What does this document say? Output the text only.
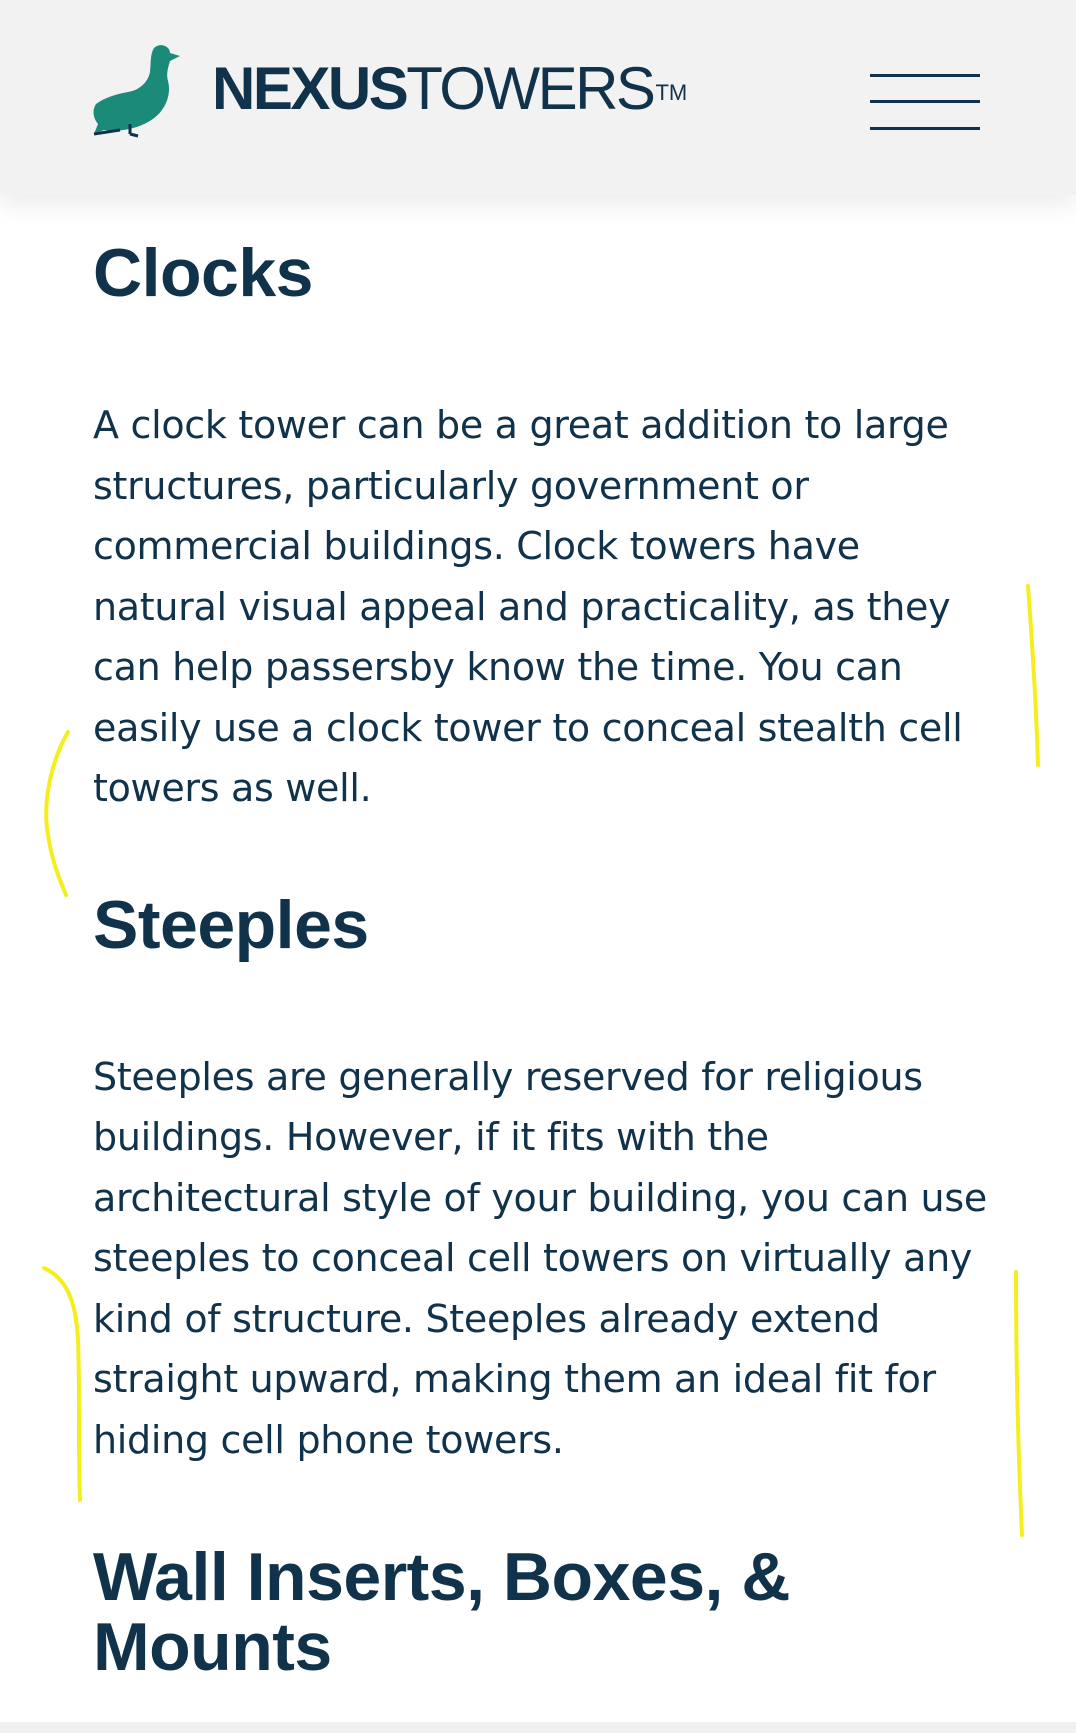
NEXUSTOWERS™
Clocks

A clock tower can be a great addition to large structures, particularly government or commercial buildings. Clock towers have natural visual appeal and practicality, as they can help passersby know the time. You can easily use a clock tower to conceal stealth cell towers as well.

Steeples

Steeples are generally reserved for religious buildings. However, if it fits with the architectural style of your building, you can use steeples to conceal cell towers on virtually any kind of structure. Steeples already extend straight upward, making them an ideal fit for hiding cell phone towers.

Wall Inserts, Boxes, & Mounts
